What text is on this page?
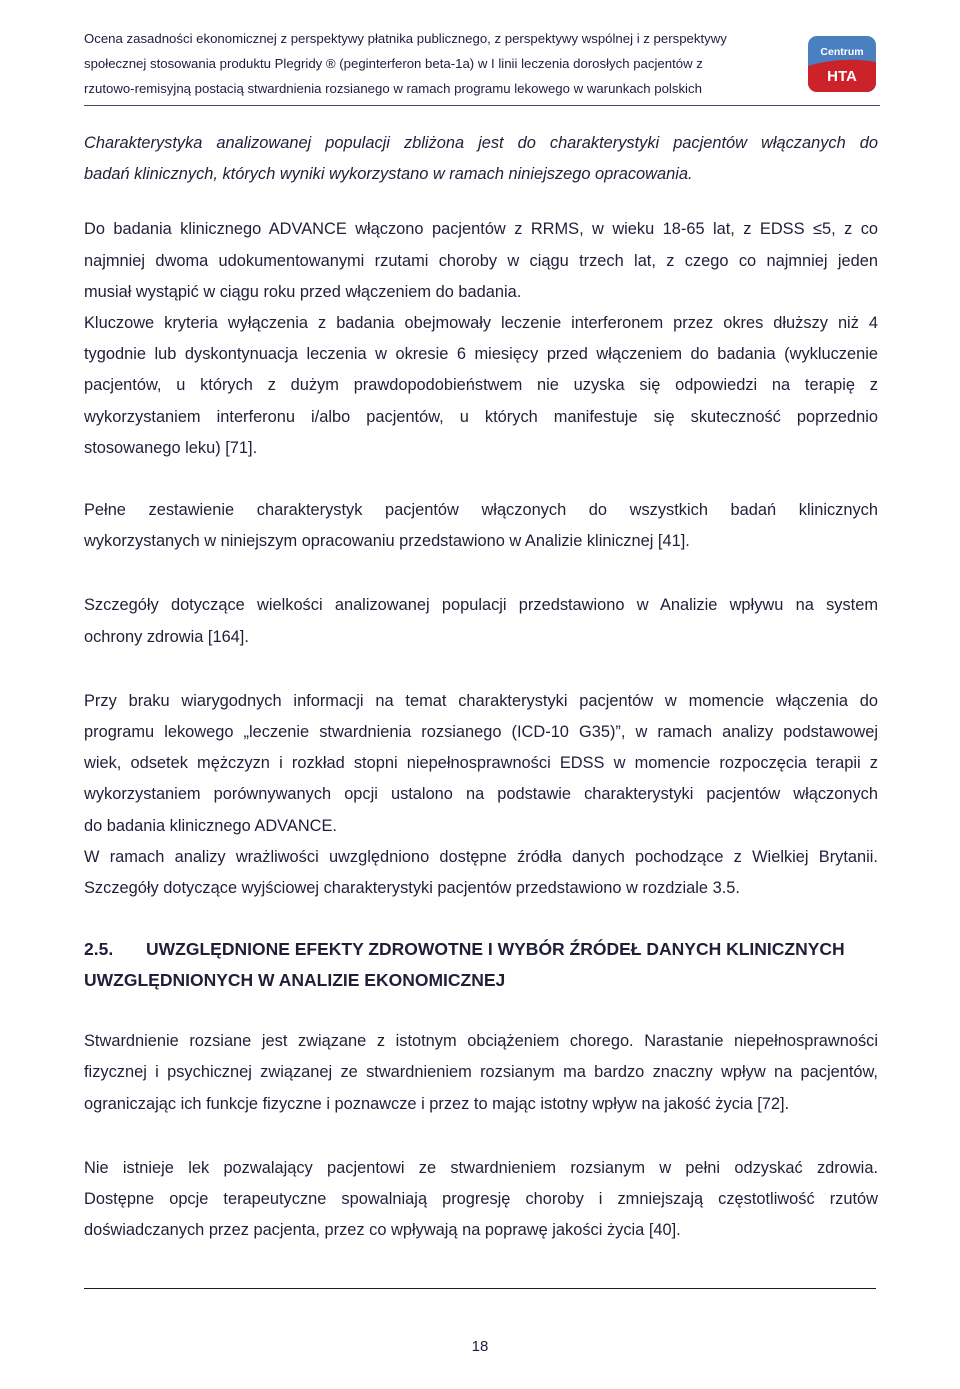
Ocena zasadności ekonomicznej z perspektywy płatnika publicznego, z perspektywy wspólnej i z perspektywy
społecznej stosowania produktu Plegridy ® (peginterferon beta-1a) w I linii leczenia dorosłych pacjentów z
rzutowo-remisyjną postacią stwardnienia rozsianego w ramach programu lekowego w warunkach polskich
Centrum
HTA
Charakterystyka analizowanej populacji zbliżona jest do charakterystyki pacjentów włączanych do
badań klinicznych, których wyniki wykorzystano w ramach niniejszego opracowania.
Do badania klinicznego ADVANCE włączono pacjentów z RRMS, w wieku 18-65 lat, z EDSS ≤5, z co
najmniej dwoma udokumentowanymi rzutami choroby w ciągu trzech lat, z czego co najmniej jeden
musiał wystąpić w ciągu roku przed włączeniem do badania.
Kluczowe kryteria wyłączenia z badania obejmowały leczenie interferonem przez okres dłuższy niż 4
tygodnie lub dyskontynuacja leczenia w okresie 6 miesięcy przed włączeniem do badania (wykluczenie
pacjentów, u których z dużym prawdopodobieństwem nie uzyska się odpowiedzi na terapię z
wykorzystaniem interferonu i/albo pacjentów, u których manifestuje się skuteczność poprzednio
stosowanego leku) [71].
Pełne zestawienie charakterystyk pacjentów włączonych do wszystkich badań klinicznych
wykorzystanych w niniejszym opracowaniu przedstawiono w Analizie klinicznej [41].
Szczegóły dotyczące wielkości analizowanej populacji przedstawiono w Analizie wpływu na system
ochrony zdrowia [164].
Przy braku wiarygodnych informacji na temat charakterystyki pacjentów w momencie włączenia do
programu lekowego „leczenie stwardnienia rozsianego (ICD-10 G35)”, w ramach analizy podstawowej
wiek, odsetek mężczyzn i rozkład stopni niepełnosprawności EDSS w momencie rozpoczęcia terapii z
wykorzystaniem porównywanych opcji ustalono na podstawie charakterystyki pacjentów włączonych
do badania klinicznego ADVANCE.
W ramach analizy wrażliwości uwzględniono dostępne źródła danych pochodzące z Wielkiej Brytanii.
Szczegóły dotyczące wyjściowej charakterystyki pacjentów przedstawiono w rozdziale 3.5.
2.5. UWZGLĘDNIONE EFEKTY ZDROWOTNE I WYBÓR ŹRÓDEŁ DANYCH KLINICZNYCH
UWZGLĘDNIONYCH W ANALIZIE EKONOMICZNEJ
Stwardnienie rozsiane jest związane z istotnym obciążeniem chorego. Narastanie niepełnosprawności
fizycznej i psychicznej związanej ze stwardnieniem rozsianym ma bardzo znaczny wpływ na pacjentów,
ograniczając ich funkcje fizyczne i poznawcze i przez to mając istotny wpływ na jakość życia [72].
Nie istnieje lek pozwalający pacjentowi ze stwardnieniem rozsianym w pełni odzyskać zdrowia.
Dostępne opcje terapeutyczne spowalniają progresję choroby i zmniejszają częstotliwość rzutów
doświadczanych przez pacjenta, przez co wpływają na poprawę jakości życia [40].
18
